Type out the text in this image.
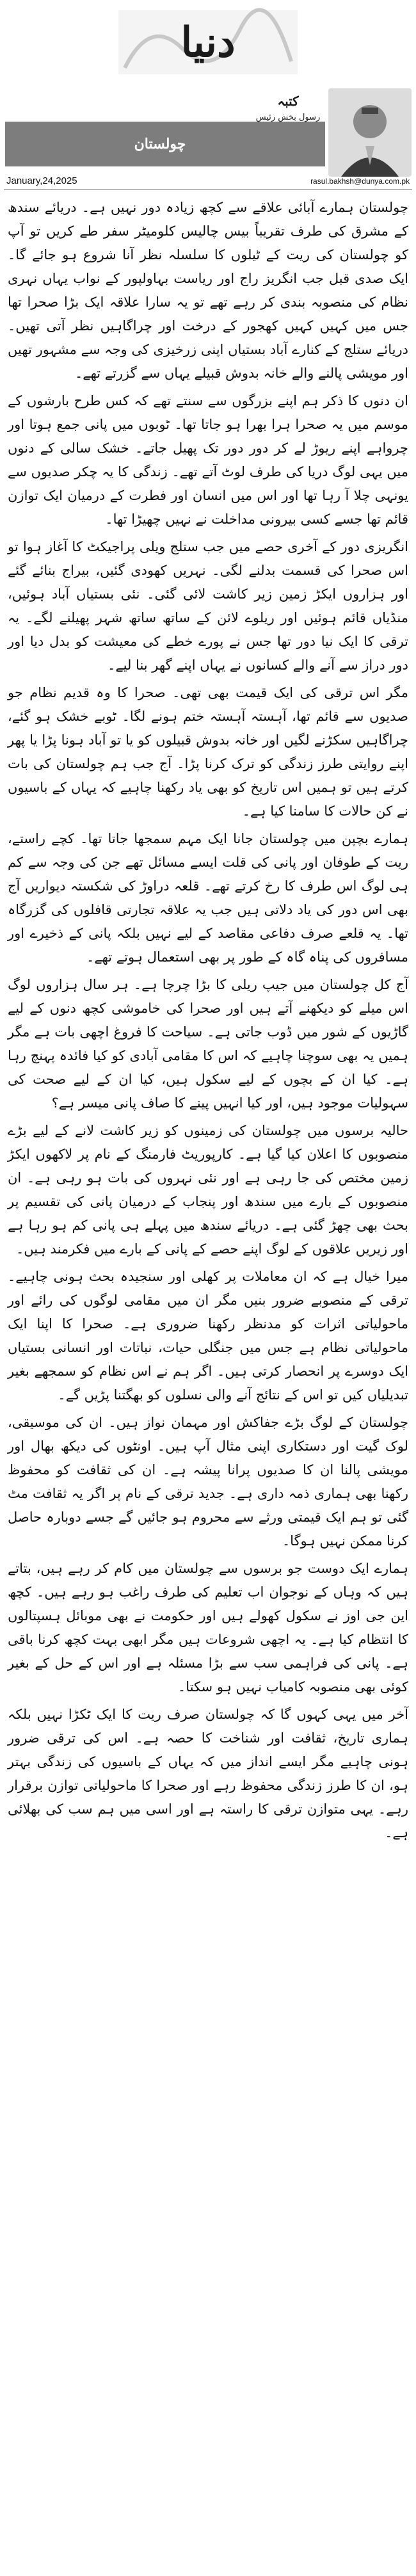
دنیا
چولستان
کتبہ
رسول بخش رئیس
January,24,2025	rasul.bakhsh@dunya.com.pk

چولستان ہمارے آبائی علاقے سے کچھ زیادہ دور نہیں ہے۔ دریائے سندھ کے مشرق کی طرف تقریباً بیس چالیس کلومیٹر سفر طے کریں تو آپ کو چولستان کی ریت کے ٹیلوں کا سلسلہ نظر آنا شروع ہو جائے گا۔ ایک صدی قبل جب انگریز راج اور ریاست بہاولپور کے نواب یہاں نہری نظام کی منصوبہ بندی کر رہے تھے تو یہ سارا علاقہ ایک بڑا صحرا تھا جس میں کہیں کہیں کھجور کے درخت اور چراگاہیں نظر آتی تھیں۔ دریائے ستلج کے کنارے آباد بستیاں اپنی زرخیزی کی وجہ سے مشہور تھیں اور مویشی پالنے والے خانہ بدوش قبیلے یہاں سے گزرتے تھے۔

ان دنوں کا ذکر ہم اپنے بزرگوں سے سنتے تھے کہ کس طرح بارشوں کے موسم میں یہ صحرا ہرا بھرا ہو جاتا تھا۔ ٹوبوں میں پانی جمع ہوتا اور چرواہے اپنے ریوڑ لے کر دور دور تک پھیل جاتے۔ خشک سالی کے دنوں میں یہی لوگ دریا کی طرف لوٹ آتے تھے۔ زندگی کا یہ چکر صدیوں سے یونہی چلا آ رہا تھا اور اس میں انسان اور فطرت کے درمیان ایک توازن قائم تھا جسے کسی بیرونی مداخلت نے نہیں چھیڑا تھا۔

انگریزی دور کے آخری حصے میں جب ستلج ویلی پراجیکٹ کا آغاز ہوا تو اس صحرا کی قسمت بدلنے لگی۔ نہریں کھودی گئیں، بیراج بنائے گئے اور ہزاروں ایکڑ زمین زیر کاشت لائی گئی۔ نئی بستیاں آباد ہوئیں، منڈیاں قائم ہوئیں اور ریلوے لائن کے ساتھ ساتھ شہر پھیلنے لگے۔ یہ ترقی کا ایک نیا دور تھا جس نے پورے خطے کی معیشت کو بدل دیا اور دور دراز سے آنے والے کسانوں نے یہاں اپنے گھر بنا لیے۔

مگر اس ترقی کی ایک قیمت بھی تھی۔ صحرا کا وہ قدیم نظام جو صدیوں سے قائم تھا، آہستہ آہستہ ختم ہونے لگا۔ ٹوبے خشک ہو گئے، چراگاہیں سکڑنے لگیں اور خانہ بدوش قبیلوں کو یا تو آباد ہونا پڑا یا پھر اپنے روایتی طرز زندگی کو ترک کرنا پڑا۔ آج جب ہم چولستان کی بات کرتے ہیں تو ہمیں اس تاریخ کو بھی یاد رکھنا چاہیے کہ یہاں کے باسیوں نے کن حالات کا سامنا کیا ہے۔

ہمارے بچپن میں چولستان جانا ایک مہم سمجھا جاتا تھا۔ کچے راستے، ریت کے طوفان اور پانی کی قلت ایسے مسائل تھے جن کی وجہ سے کم ہی لوگ اس طرف کا رخ کرتے تھے۔ قلعہ دراوڑ کی شکستہ دیواریں آج بھی اس دور کی یاد دلاتی ہیں جب یہ علاقہ تجارتی قافلوں کی گزرگاہ تھا۔ یہ قلعے صرف دفاعی مقاصد کے لیے نہیں بلکہ پانی کے ذخیرے اور مسافروں کی پناہ گاہ کے طور پر بھی استعمال ہوتے تھے۔

آج کل چولستان میں جیپ ریلی کا بڑا چرچا ہے۔ ہر سال ہزاروں لوگ اس میلے کو دیکھنے آتے ہیں اور صحرا کی خاموشی کچھ دنوں کے لیے گاڑیوں کے شور میں ڈوب جاتی ہے۔ سیاحت کا فروغ اچھی بات ہے مگر ہمیں یہ بھی سوچنا چاہیے کہ اس کا مقامی آبادی کو کیا فائدہ پہنچ رہا ہے۔ کیا ان کے بچوں کے لیے سکول ہیں، کیا ان کے لیے صحت کی سہولیات موجود ہیں، اور کیا انہیں پینے کا صاف پانی میسر ہے؟

حالیہ برسوں میں چولستان کی زمینوں کو زیر کاشت لانے کے لیے بڑے منصوبوں کا اعلان کیا گیا ہے۔ کارپوریٹ فارمنگ کے نام پر لاکھوں ایکڑ زمین مختص کی جا رہی ہے اور نئی نہروں کی بات ہو رہی ہے۔ ان منصوبوں کے بارے میں سندھ اور پنجاب کے درمیان پانی کی تقسیم پر بحث بھی چھڑ گئی ہے۔ دریائے سندھ میں پہلے ہی پانی کم ہو رہا ہے اور زیریں علاقوں کے لوگ اپنے حصے کے پانی کے بارے میں فکرمند ہیں۔

میرا خیال ہے کہ ان معاملات پر کھلی اور سنجیدہ بحث ہونی چاہیے۔ ترقی کے منصوبے ضرور بنیں مگر ان میں مقامی لوگوں کی رائے اور ماحولیاتی اثرات کو مدنظر رکھنا ضروری ہے۔ صحرا کا اپنا ایک ماحولیاتی نظام ہے جس میں جنگلی حیات، نباتات اور انسانی بستیاں ایک دوسرے پر انحصار کرتی ہیں۔ اگر ہم نے اس نظام کو سمجھے بغیر تبدیلیاں کیں تو اس کے نتائج آنے والی نسلوں کو بھگتنا پڑیں گے۔

چولستان کے لوگ بڑے جفاکش اور مہمان نواز ہیں۔ ان کی موسیقی، لوک گیت اور دستکاری اپنی مثال آپ ہیں۔ اونٹوں کی دیکھ بھال اور مویشی پالنا ان کا صدیوں پرانا پیشہ ہے۔ ان کی ثقافت کو محفوظ رکھنا بھی ہماری ذمہ داری ہے۔ جدید ترقی کے نام پر اگر یہ ثقافت مٹ گئی تو ہم ایک قیمتی ورثے سے محروم ہو جائیں گے جسے دوبارہ حاصل کرنا ممکن نہیں ہوگا۔

ہمارے ایک دوست جو برسوں سے چولستان میں کام کر رہے ہیں، بتاتے ہیں کہ وہاں کے نوجوان اب تعلیم کی طرف راغب ہو رہے ہیں۔ کچھ این جی اوز نے سکول کھولے ہیں اور حکومت نے بھی موبائل ہسپتالوں کا انتظام کیا ہے۔ یہ اچھی شروعات ہیں مگر ابھی بہت کچھ کرنا باقی ہے۔ پانی کی فراہمی سب سے بڑا مسئلہ ہے اور اس کے حل کے بغیر کوئی بھی منصوبہ کامیاب نہیں ہو سکتا۔

آخر میں یہی کہوں گا کہ چولستان صرف ریت کا ایک ٹکڑا نہیں بلکہ ہماری تاریخ، ثقافت اور شناخت کا حصہ ہے۔ اس کی ترقی ضرور ہونی چاہیے مگر ایسے انداز میں کہ یہاں کے باسیوں کی زندگی بہتر ہو، ان کا طرز زندگی محفوظ رہے اور صحرا کا ماحولیاتی توازن برقرار رہے۔ یہی متوازن ترقی کا راستہ ہے اور اسی میں ہم سب کی بھلائی ہے۔
